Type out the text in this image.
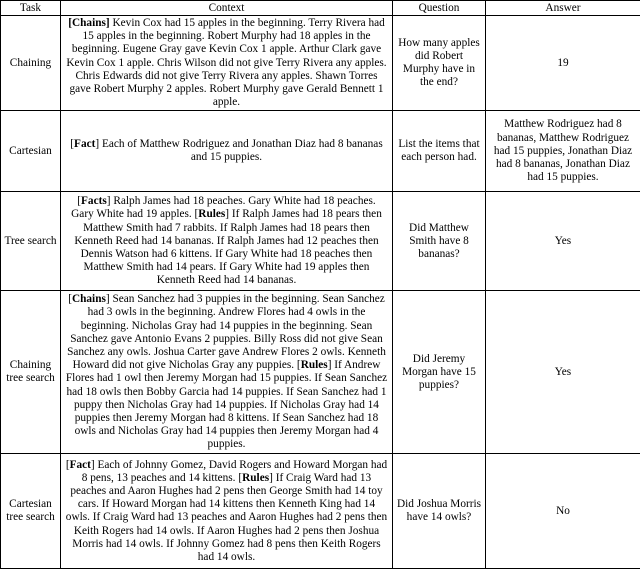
Task	Context	Question	Answer
Chaining	[Chains] Kevin Cox had 15 apples in the beginning. Terry Rivera had 15 apples in the beginning. Robert Murphy had 18 apples in the beginning. Eugene Gray gave Kevin Cox 1 apple. Arthur Clark gave Kevin Cox 1 apple. Chris Wilson did not give Terry Rivera any apples. Chris Edwards did not give Terry Rivera any apples. Shawn Torres gave Robert Murphy 2 apples. Robert Murphy gave Gerald Bennett 1 apple.	How many apples did Robert Murphy have in the end?	19
Cartesian	[Fact] Each of Matthew Rodriguez and Jonathan Diaz had 8 bananas and 15 puppies.	List the items that each person had.	Matthew Rodriguez had 8 bananas, Matthew Rodriguez had 15 puppies, Jonathan Diaz had 8 bananas, Jonathan Diaz had 15 puppies.
Tree search	[Facts] Ralph James had 18 peaches. Gary White had 18 peaches. Gary White had 19 apples. [Rules] If Ralph James had 18 pears then Matthew Smith had 7 rabbits. If Ralph James had 18 pears then Kenneth Reed had 14 bananas. If Ralph James had 12 peaches then Dennis Watson had 6 kittens. If Gary White had 18 peaches then Matthew Smith had 14 pears. If Gary White had 19 apples then Kenneth Reed had 14 bananas.	Did Matthew Smith have 8 bananas?	Yes
Chaining tree search	[Chains] Sean Sanchez had 3 puppies in the beginning. Sean Sanchez had 3 owls in the beginning. Andrew Flores had 4 owls in the beginning. Nicholas Gray had 14 puppies in the beginning. Sean Sanchez gave Antonio Evans 2 puppies. Billy Ross did not give Sean Sanchez any owls. Joshua Carter gave Andrew Flores 2 owls. Kenneth Howard did not give Nicholas Gray any puppies. [Rules] If Andrew Flores had 1 owl then Jeremy Morgan had 15 puppies. If Sean Sanchez had 18 owls then Bobby Garcia had 14 puppies. If Sean Sanchez had 1 puppy then Nicholas Gray had 14 puppies. If Nicholas Gray had 14 puppies then Jeremy Morgan had 8 kittens. If Sean Sanchez had 18 owls and Nicholas Gray had 14 puppies then Jeremy Morgan had 4 puppies.	Did Jeremy Morgan have 15 puppies?	Yes
Cartesian tree search	[Fact] Each of Johnny Gomez, David Rogers and Howard Morgan had 8 pens, 13 peaches and 14 kittens. [Rules] If Craig Ward had 13 peaches and Aaron Hughes had 2 pens then George Smith had 14 toy cars. If Howard Morgan had 14 kittens then Kenneth King had 14 owls. If Craig Ward had 13 peaches and Aaron Hughes had 2 pens then Keith Rogers had 14 owls. If Aaron Hughes had 2 pens then Joshua Morris had 14 owls. If Johnny Gomez had 8 pens then Keith Rogers had 14 owls.	Did Joshua Morris have 14 owls?	No
